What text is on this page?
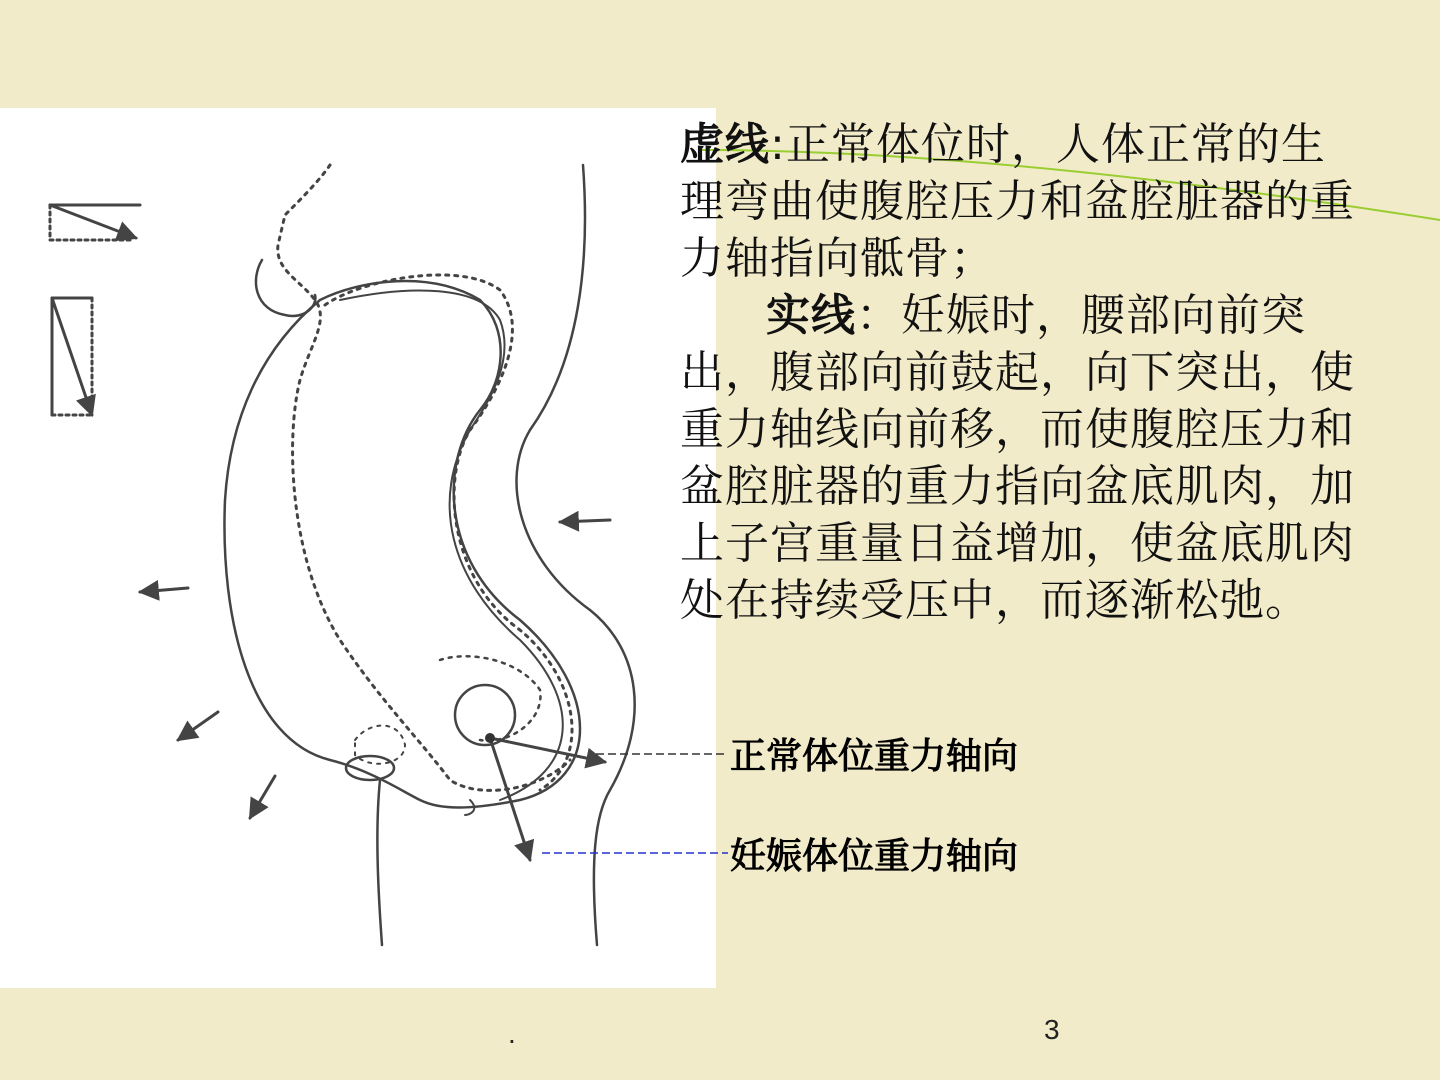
虚线:正常体位时，人体正常的生理弯曲使腹腔压力和盆腔脏器的重力轴指向骶骨；

实线：妊娠时，腰部向前突出，腹部向前鼓起，向下突出，使重力轴线向前移，而使腹腔压力和盆腔脏器的重力指向盆底肌肉，加上子宫重量日益增加，使盆底肌肉处在持续受压中，而逐渐松弛。

正常体位重力轴向
妊娠体位重力轴向
.	3
